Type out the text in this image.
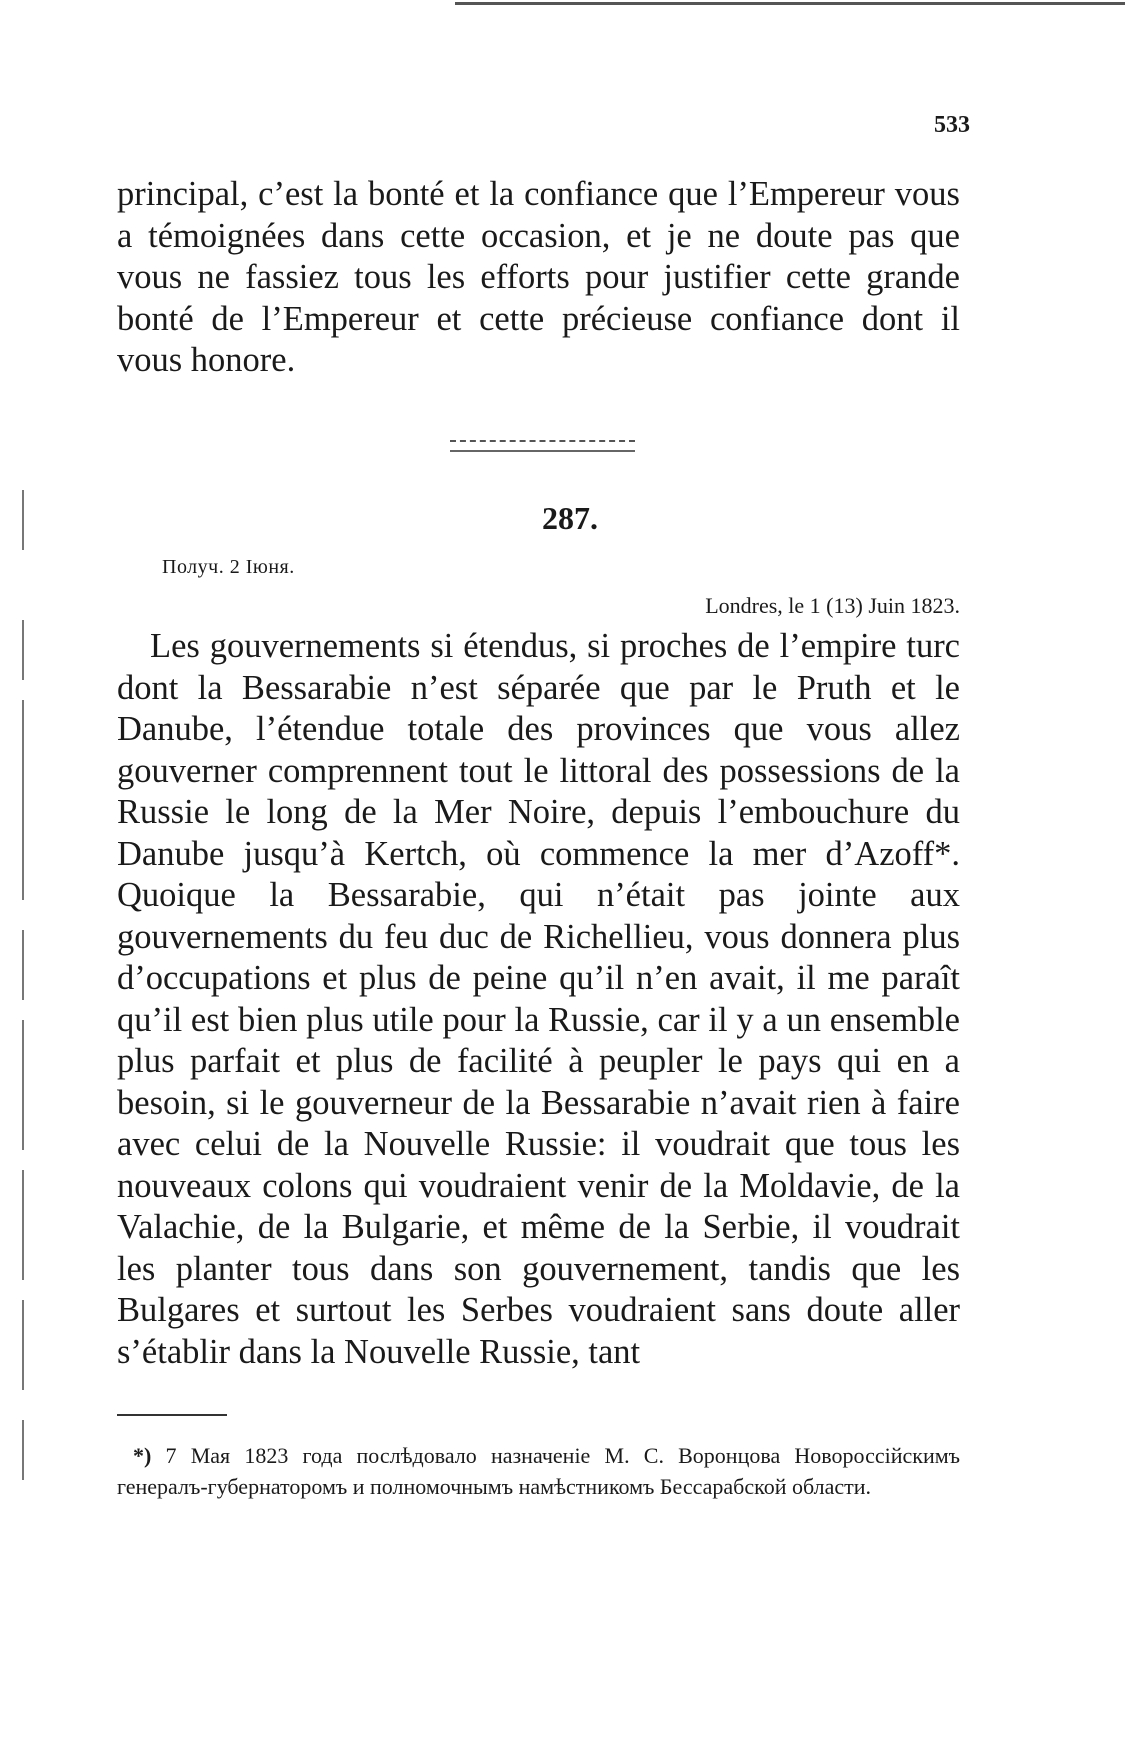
533

principal, c’est la bonté et la confiance que l’Empereur vous a témoignées dans cette occasion, et je ne doute pas que vous ne fassiez tous les efforts pour justifier cette grande bonté de l’Empereur et cette précieuse confiance dont il vous honore.

287.
Получ. 2 Іюня.
Londres, le 1 (13) Juin 1823.

Les gouvernements si étendus, si proches de l’empire turc dont la Bessarabie n’est séparée que par le Pruth et le Danube, l’étendue totale des provinces que vous allez gouverner comprennent tout le littoral des possessions de la Russie le long de la Mer Noire, depuis l’embouchure du Danube jusqu’à Kertch, où commence la mer d’Azoff*. Quoique la Bessarabie, qui n’était pas jointe aux gouvernements du feu duc de Richellieu, vous donnera plus d’occupations et plus de peine qu’il n’en avait, il me paraît qu’il est bien plus utile pour la Russie, car il y a un ensemble plus parfait et plus de facilité à peupler le pays qui en a besoin, si le gouverneur de la Bessarabie n’avait rien à faire avec celui de la Nouvelle Russie: il voudrait que tous les nouveaux colons qui voudraient venir de la Moldavie, de la Valachie, de la Bulgarie, et même de la Serbie, il voudrait les planter tous dans son gouvernement, tandis que les Bulgares et surtout les Serbes voudraient sans doute aller s’établir dans la Nouvelle Russie, tant

*) 7 Мая 1823 года послѣдовало назначеніе М. С. Воронцова Новороссійскимъ генералъ-губернаторомъ и полномочнымъ намѣстникомъ Бессарабской области.
